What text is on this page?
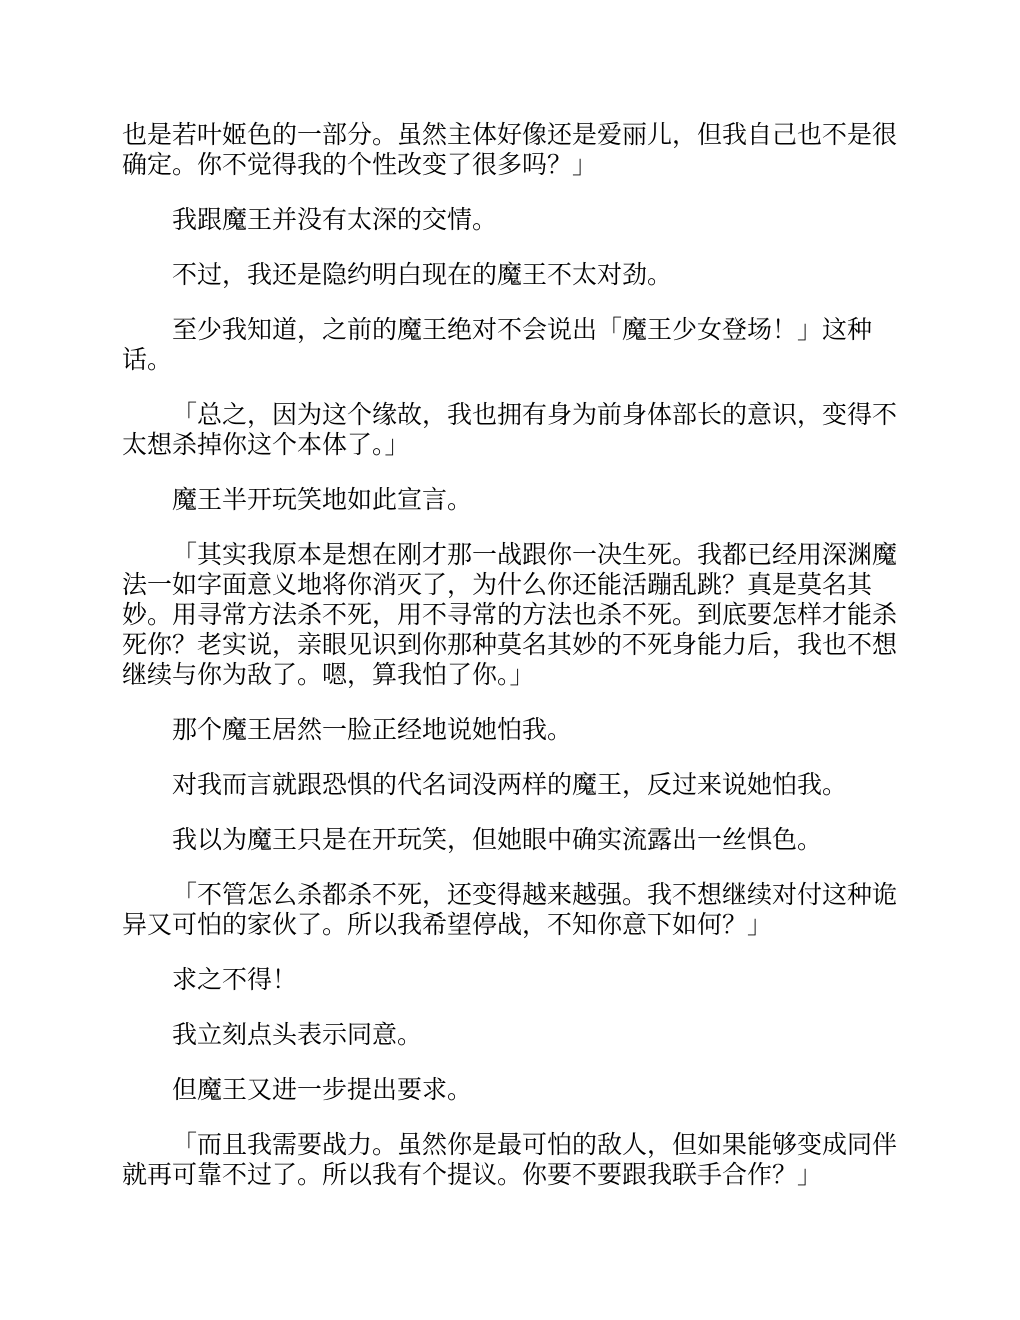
也是若叶姬色的一部分。虽然主体好像还是爱丽儿，但我自己也不是很确定。你不觉得我的个性改变了很多吗？」

我跟魔王并没有太深的交情。

不过，我还是隐约明白现在的魔王不太对劲。

至少我知道，之前的魔王绝对不会说出「魔王少女登场！」这种话。

「总之，因为这个缘故，我也拥有身为前身体部长的意识，变得不太想杀掉你这个本体了。」

魔王半开玩笑地如此宣言。

「其实我原本是想在刚才那一战跟你一决生死。我都已经用深渊魔法一如字面意义地将你消灭了，为什么你还能活蹦乱跳？真是莫名其妙。用寻常方法杀不死，用不寻常的方法也杀不死。到底要怎样才能杀死你？老实说，亲眼见识到你那种莫名其妙的不死身能力后，我也不想继续与你为敌了。嗯，算我怕了你。」

那个魔王居然一脸正经地说她怕我。

对我而言就跟恐惧的代名词没两样的魔王，反过来说她怕我。

我以为魔王只是在开玩笑，但她眼中确实流露出一丝惧色。

「不管怎么杀都杀不死，还变得越来越强。我不想继续对付这种诡异又可怕的家伙了。所以我希望停战，不知你意下如何？」

求之不得！

我立刻点头表示同意。

但魔王又进一步提出要求。

「而且我需要战力。虽然你是最可怕的敌人，但如果能够变成同伴就再可靠不过了。所以我有个提议。你要不要跟我联手合作？」
